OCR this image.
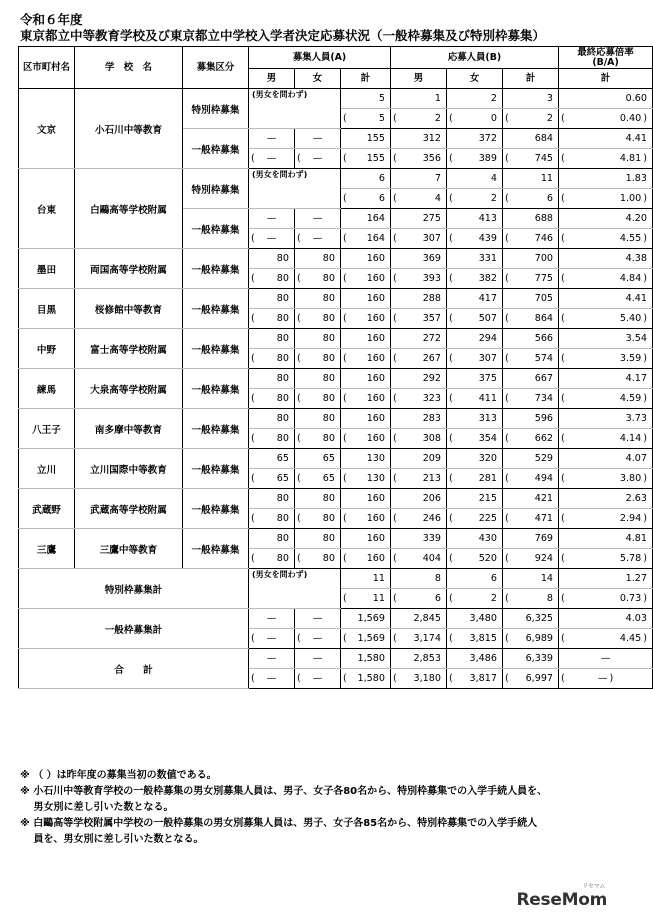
令和６年度
東京都立中等教育学校及び東京都立中学校入学者決定応募状況（一般枠募集及び特別枠募集）
区市町村名	学　校　名	募集区分	募集人員(A)			応募人員(B)			最終応募倍率
(B/A)
			男	女	計	男	女	計	計
文京	小石川中等教育	特別枠募集	(男女を問わず)		5	1	2	3	0.60

					( 5	( 2	( 0	( 2	( 0.40 )
		一般枠募集	—	—	155	312	372	684	4.41

			( —	( —	( 155	( 356	( 389	( 745	( 4.81 )
台東	白鷗高等学校附属	特別枠募集	(男女を問わず)		6	7	4	11	1.83

					( 6	( 4	( 2	( 6	( 1.00 )
		一般枠募集	—	—	164	275	413	688	4.20

			( —	( —	( 164	( 307	( 439	( 746	( 4.55 )
墨田	両国高等学校附属	一般枠募集	80	80	160	369	331	700	4.38

			( 80	( 80	( 160	( 393	( 382	( 775	( 4.84 )
目黒	桜修館中等教育	一般枠募集	80	80	160	288	417	705	4.41

			( 80	( 80	( 160	( 357	( 507	( 864	( 5.40 )
中野	富士高等学校附属	一般枠募集	80	80	160	272	294	566	3.54

			( 80	( 80	( 160	( 267	( 307	( 574	( 3.59 )
練馬	大泉高等学校附属	一般枠募集	80	80	160	292	375	667	4.17

			( 80	( 80	( 160	( 323	( 411	( 734	( 4.59 )
八王子	南多摩中等教育	一般枠募集	80	80	160	283	313	596	3.73

			( 80	( 80	( 160	( 308	( 354	( 662	( 4.14 )
立川	立川国際中等教育	一般枠募集	65	65	130	209	320	529	4.07

			( 65	( 65	( 130	( 213	( 281	( 494	( 3.80 )
武蔵野	武蔵高等学校附属	一般枠募集	80	80	160	206	215	421	2.63

			( 80	( 80	( 160	( 246	( 225	( 471	( 2.94 )
三鷹	三鷹中等教育	一般枠募集	80	80	160	339	430	769	4.81

			( 80	( 80	( 160	( 404	( 520	( 924	( 5.78 )
特別枠募集計			(男女を問わず)		11	8	6	14	1.27

					( 11	( 6	( 2	( 8	( 0.73 )
一般枠募集計			—	—	1,569	2,845	3,480	6,325	4.03

			( —	( —	( 1,569	( 3,174	( 3,815	( 6,989	( 4.45 )
合　　計			—	—	1,580	2,853	3,486	6,339	—

			( —	( —	( 1,580	( 3,180	( 3,817	( 6,997	( — )
※ （ ）は昨年度の募集当初の数値である。
※ 小石川中等教育学校の一般枠募集の男女別募集人員は、男子、女子各80名から、特別枠募集での入学手続人員を、
　 男女別に差し引いた数となる。
※ 白鷗高等学校附属中学校の一般枠募集の男女別募集人員は、男子、女子各85名から、特別枠募集での入学手続人
　 員を、男女別に差し引いた数となる。
リセマム
ReseMom
